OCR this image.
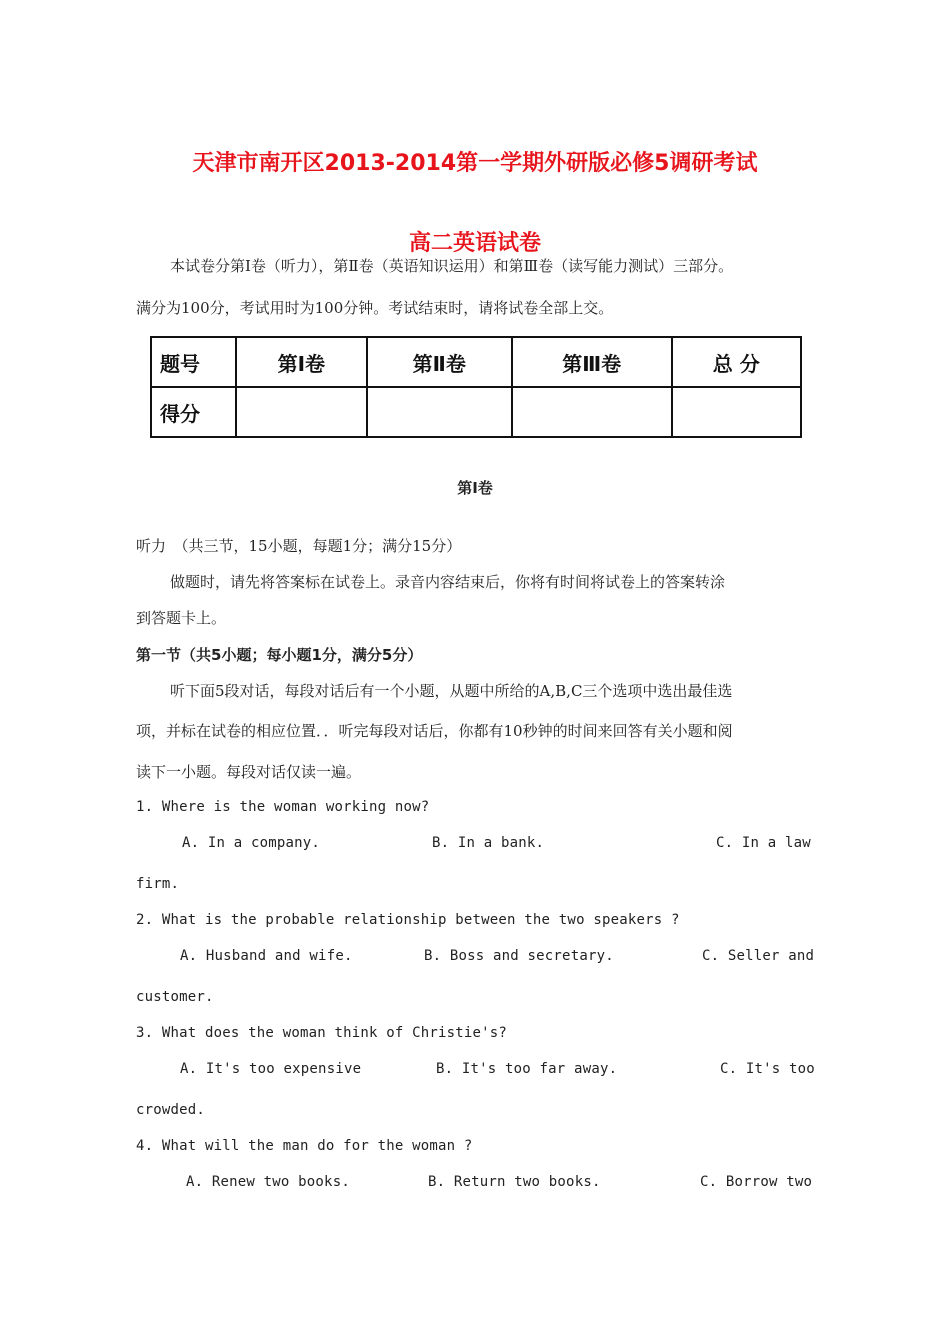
天津市南开区2013-2014第一学期外研版必修5调研考试
高二英语试卷
本试卷分第Ⅰ卷（听力），第Ⅱ卷（英语知识运用）和第Ⅲ卷（读写能力测试）三部分。
满分为100分，考试用时为100分钟。考试结束时，请将试卷全部上交。
题号	第Ⅰ卷	第Ⅱ卷	第Ⅲ卷	总 分
得分				
第Ⅰ卷
听力　（共三节，15小题，每题1分；满分15分）
做题时，请先将答案标在试卷上。录音内容结束后，你将有时间将试卷上的答案转涂
到答题卡上。
第一节（共5小题；每小题1分，满分5分）
听下面5段对话，每段对话后有一个小题，从题中所给的A,B,C三个选项中选出最佳选
项，并标在试卷的相应位置．．听完每段对话后，你都有10秒钟的时间来回答有关小题和阅
读下一小题。每段对话仅读一遍。
1. Where is the woman working now?
A. In a company.	B. In a bank.	C. In a law
firm.
2. What is the probable relationship between the two speakers ?
A. Husband and wife.	B. Boss and secretary.	C. Seller and
customer.
3. What does the woman think of Christie's?
A. It's too expensive	B. It's too far away.	C. It's too
crowded.
4. What will the man do for the woman ?
A. Renew two books.	B. Return two books.	C. Borrow two
